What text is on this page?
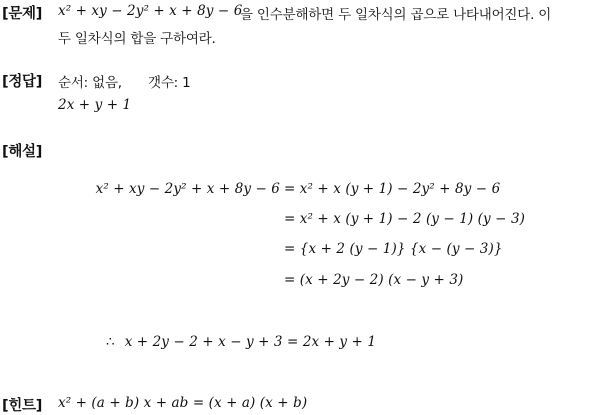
[문제] x² + xy − 2y² + x + 8y − 6
을 인수분해하면 두 일차식의 곱으로 나타내어진다. 이
두 일차식의 합을 구하여라.
[정답] 순서: 없음, 갯수: 1
2x + y + 1
[해설]
x² + xy − 2y² + x + 8y − 6 = x² + x (y + 1) − 2y² + 8y − 6
= x² + x (y + 1) − 2 (y − 1) (y − 3)
= {x + 2 (y − 1)} {x − (y − 3)}
= (x + 2y − 2) (x − y + 3)
∴ x + 2y − 2 + x − y + 3 = 2x + y + 1
[힌트] x² + (a + b) x + ab = (x + a) (x + b)
